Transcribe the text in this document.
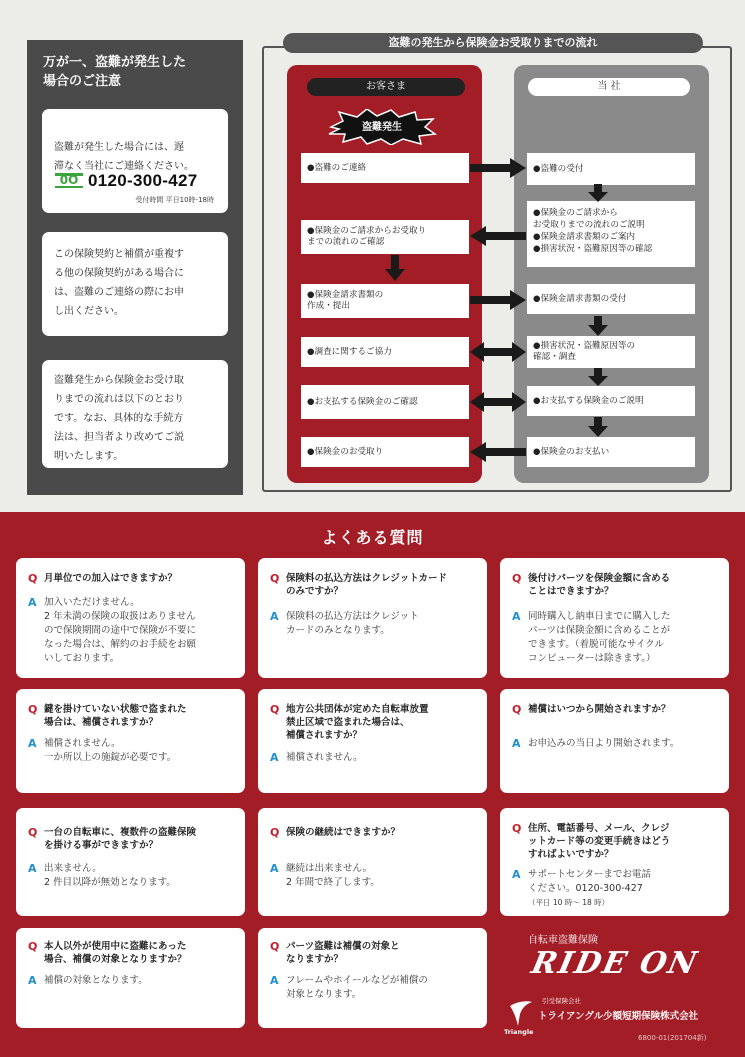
万が一、盗難が発生した
場合のご注意

盗難が発生した場合には、遅
滞なく当社にご連絡ください。

0O 0120-300-427

受付時間 平日10時-18時

この保険契約と補償が重複す
る他の保険契約がある場合に
は、盗難のご連絡の際にお申
し出ください。
盗難発生から保険金お受け取
りまでの流れは以下のとおり
です。なお、具体的な手続方
法は、担当者より改めてご説
明いたします。
盗難の発生から保険金お受取りまでの流れ
お客さま	当 社
盗難発生
●盗難のご連絡
●保険金のご請求からお受取り
までの流れのご確認
●保険金請求書類の
作成・提出
●調査に関するご協力
●お支払する保険金のご確認
●保険金のお受取り
●盗難の受付
●保険金のご請求から
お受取りまでの流れのご説明
●保険金請求書類のご案内
●損害状況・盗難原因等の確認
●保険金請求書類の受付
●損害状況・盗難原因等の
確認・調査
●お支払する保険金のご説明
●保険金のお支払い
よくある質問
Q 月単位での加入はできますか？
A 加入いただけません。
2 年未満の保険の取扱はありません
ので保険期間の途中で保険が不要に
なった場合は、解約のお手続をお願
いしております。
Q 保険料の払込方法はクレジットカード
のみですか？
A 保険料の払込方法はクレジット
カードのみとなります。
Q 後付けパーツを保険金額に含める
ことはできますか？
A 同時購入し納車日までに購入した
パーツは保険金額に含めることが
できます。（着脱可能なサイクル
コンピューターは除きます。）
Q 鍵を掛けていない状態で盗まれた
場合は、補償されますか？
A 補償されません。
一か所以上の施錠が必要です。
Q 地方公共団体が定めた自転車放置
禁止区域で盗まれた場合は、
補償されますか？
A 補償されません。
Q 補償はいつから開始されますか？
A お申込みの当日より開始されます。
Q 一台の自転車に、複数件の盗難保険
を掛ける事ができますか？
A 出来ません。
2 件目以降が無効となります。
Q 保険の継続はできますか？
A 継続は出来ません。
2 年間で終了します。
Q 住所、電話番号、メール、クレジ
ットカード等の変更手続きはどう
すればよいですか？
A サポートセンターまでお電話
ください。0120-300-427
（平日 10 時～ 18 時）
Q 本人以外が使用中に盗難にあった
場合、補償の対象となりますか？
A 補償の対象となります。
Q パーツ盗難は補償の対象と
なりますか？
A フレームやホイールなどが補償の
対象となります。
自転車盗難保険
RIDE ON
引受保険会社
Triangle
トライアングル少額短期保険株式会社
6800-01(201704新)
